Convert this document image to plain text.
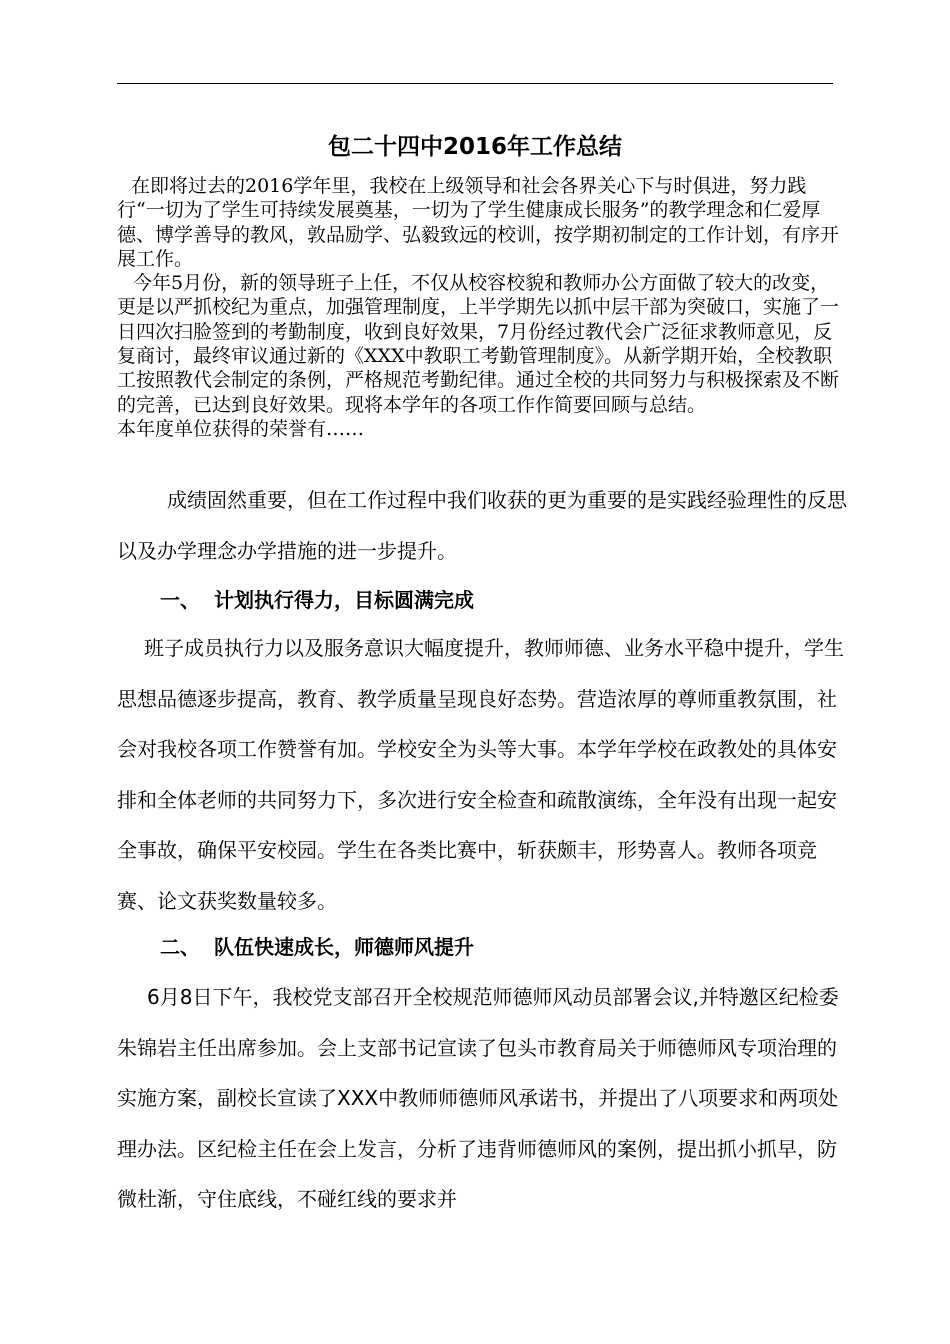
包二十四中2016年工作总结

在即将过去的2016学年里，我校在上级领导和社会各界关心下与时俱进，努力践行“一切为了学生可持续发展奠基，一切为了学生健康成长服务”的教学理念和仁爱厚德、博学善导的教风，敦品励学、弘毅致远的校训，按学期初制定的工作计划，有序开展工作。

今年5月份，新的领导班子上任，不仅从校容校貌和教师办公方面做了较大的改变，更是以严抓校纪为重点，加强管理制度，上半学期先以抓中层干部为突破口，实施了一日四次扫脸签到的考勤制度，收到良好效果，7月份经过教代会广泛征求教师意见，反复商讨，最终审议通过新的《XXX中教职工考勤管理制度》。从新学期开始，全校教职工按照教代会制定的条例，严格规范考勤纪律。通过全校的共同努力与积极探索及不断的完善，已达到良好效果。现将本学年的各项工作作简要回顾与总结。

本年度单位获得的荣誉有……

成绩固然重要，但在工作过程中我们收获的更为重要的是实践经验理性的反思以及办学理念办学措施的进一步提升。

一、 计划执行得力，目标圆满完成

班子成员执行力以及服务意识大幅度提升，教师师德、业务水平稳中提升，学生思想品德逐步提高，教育、教学质量呈现良好态势。营造浓厚的尊师重教氛围，社会对我校各项工作赞誉有加。学校安全为头等大事。本学年学校在政教处的具体安排和全体老师的共同努力下，多次进行安全检查和疏散演练，全年没有出现一起安全事故，确保平安校园。学生在各类比赛中，斩获颇丰，形势喜人。教师各项竞赛、论文获奖数量较多。

二、 队伍快速成长，师德师风提升

6月8日下午，我校党支部召开全校规范师德师风动员部署会议,并特邀区纪检委朱锦岩主任出席参加。会上支部书记宣读了包头市教育局关于师德师风专项治理的实施方案，副校长宣读了XXX中教师师德师风承诺书，并提出了八项要求和两项处理办法。区纪检主任在会上发言，分析了违背师德师风的案例，提出抓小抓早，防微杜渐，守住底线，不碰红线的要求并
